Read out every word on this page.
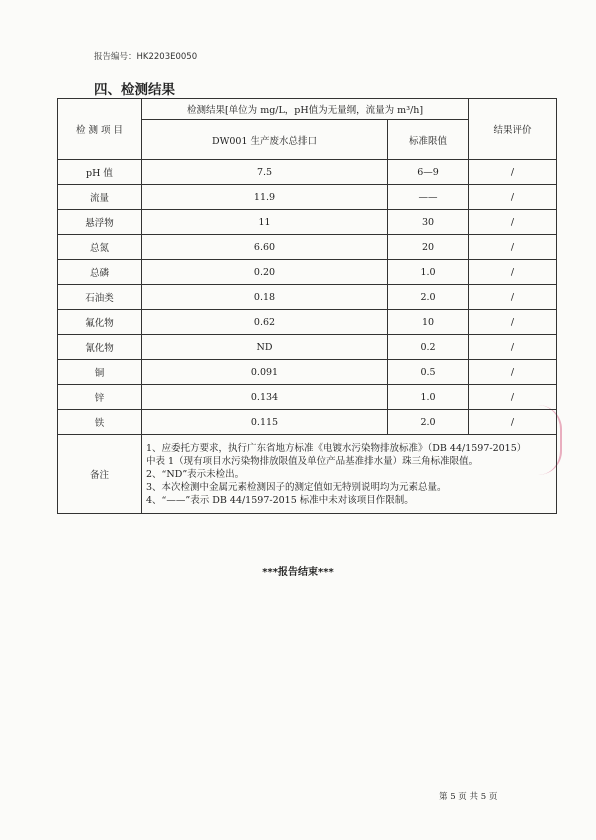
报告编号：HK2203E0050
四、检测结果
检 测 项 目	检测结果[单位为 mg/L，pH值为无量纲，流量为 m³/h]		结果评价
	DW001 生产废水总排口	标准限值	
pH 值	7.5	6—9	/
流量	11.9	——	/
悬浮物	11	30	/
总氮	6.60	20	/
总磷	0.20	1.0	/
石油类	0.18	2.0	/
氟化物	0.62	10	/
氰化物	ND	0.2	/
铜	0.091	0.5	/
锌	0.134	1.0	/
铁	0.115	2.0	/
备注	1、应委托方要求，执行广东省地方标准《电镀水污染物排放标准》（DB 44/1597-2015）
中表 1（现有项目水污染物排放限值及单位产品基准排水量）珠三角标准限值。
2、“ND”表示未检出。
3、本次检测中金属元素检测因子的测定值如无特别说明均为元素总量。
4、“——”表示 DB 44/1597-2015 标准中未对该项目作限制。		
***报告结束***
第 5 页 共 5 页
